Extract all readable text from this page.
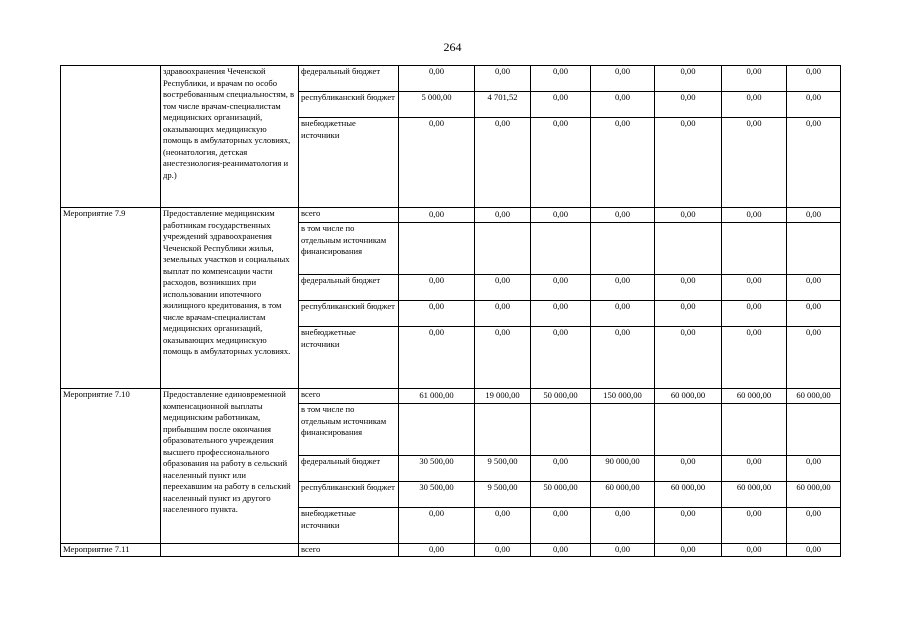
264
	здравоохранения Чеченской Республики, и врачам по особо востребованным специальностям, в том числе врачам-специалистам медицинских организаций, оказывающих медицинскую помощь в амбулаторных условиях, (неонатология, детская анестезиология-реаниматология и др.)	федеральный бюджет	0,00	0,00	0,00	0,00	0,00	0,00	0,00
		республиканский бюджет	5 000,00	4 701,52	0,00	0,00	0,00	0,00	0,00
		внебюджетные источники	0,00	0,00	0,00	0,00	0,00	0,00	0,00
Мероприятие 7.9	Предоставление медицинским работникам государственных учреждений здравоохранения Чеченской Республики жилья, земельных участков и социальных выплат по компенсации части расходов, возникших при использовании ипотечного жилищного кредитования, в том числе врачам-специалистам медицинских организаций, оказывающих медицинскую помощь в амбулаторных условиях.	всего	0,00	0,00	0,00	0,00	0,00	0,00	0,00
		в том числе по отдельным источникам финансирования							
		федеральный бюджет	0,00	0,00	0,00	0,00	0,00	0,00	0,00
		республиканский бюджет	0,00	0,00	0,00	0,00	0,00	0,00	0,00
		внебюджетные источники	0,00	0,00	0,00	0,00	0,00	0,00	0,00
Мероприятие 7.10	Предоставление единовременной компенсационной выплаты медицинским работникам, прибывшим после окончания образовательного учреждения высшего профессионального образования на работу в сельский населенный пункт или переехавшим на работу в сельский населенный пункт из другого населенного пункта.	всего	61 000,00	19 000,00	50 000,00	150 000,00	60 000,00	60 000,00	60 000,00
		в том числе по отдельным источникам финансирования							
		федеральный бюджет	30 500,00	9 500,00	0,00	90 000,00	0,00	0,00	0,00
		республиканский бюджет	30 500,00	9 500,00	50 000,00	60 000,00	60 000,00	60 000,00	60 000,00
		внебюджетные источники	0,00	0,00	0,00	0,00	0,00	0,00	0,00
Мероприятие 7.11		всего	0,00	0,00	0,00	0,00	0,00	0,00	0,00
